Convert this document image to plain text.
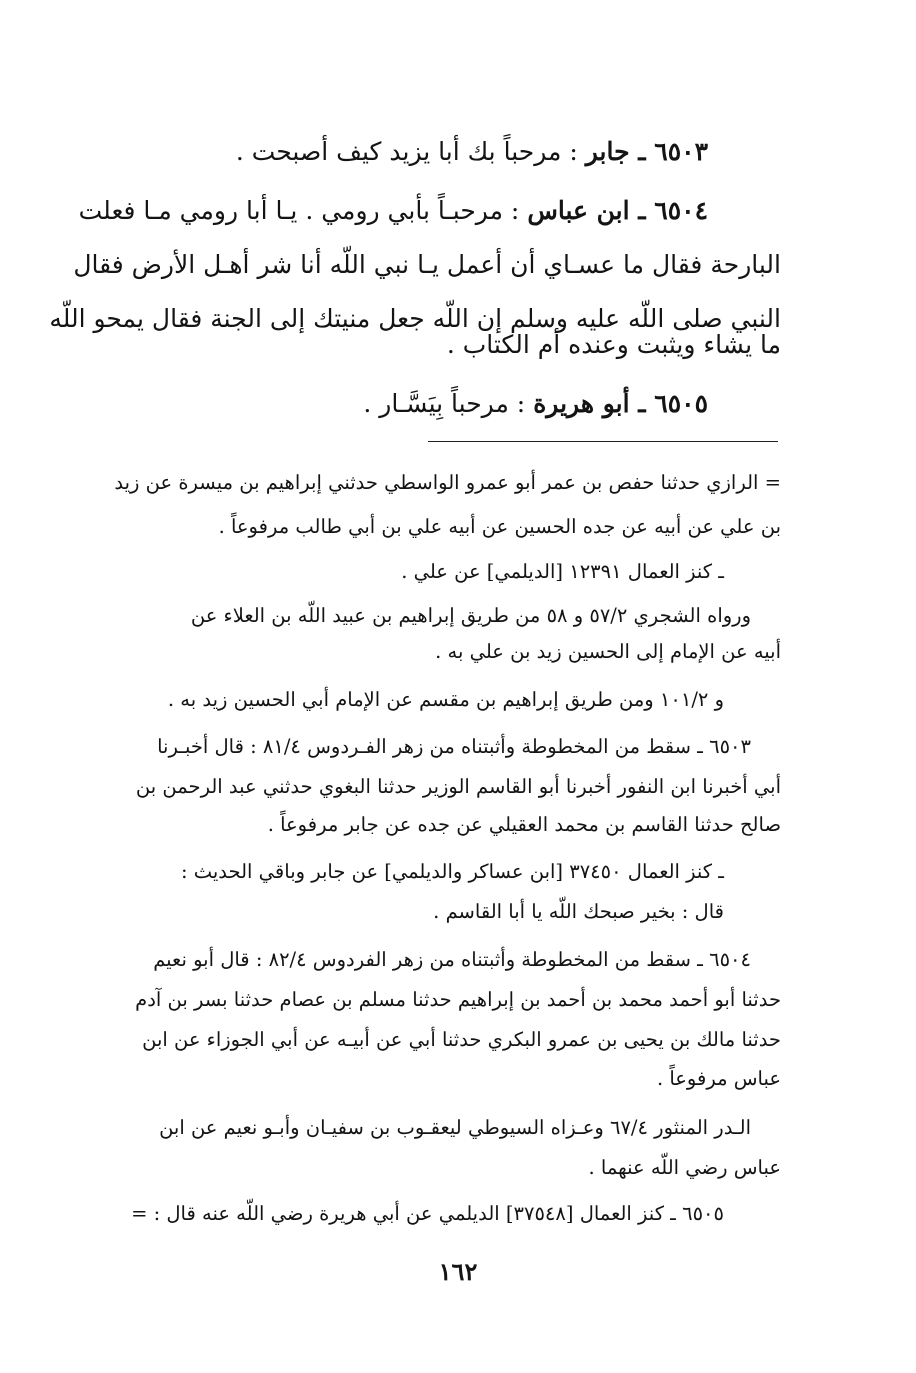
٦٥٠٣ ـ جابر : مرحباً بك أبا يزيد كيف أصبحت .
٦٥٠٤ ـ ابن عباس : مرحبـاً بأبي رومي . يـا أبا رومي مـا فعلت
البارحة فقال ما عسـاي أن أعمل يـا نبي اللّه أنا شر أهـل الأرض فقال
النبي صلى اللّه عليه وسلم إن اللّه جعل منيتك إلى الجنة فقال يمحو اللّه
ما يشاء ويثبت وعنده أم الكتاب .
٦٥٠٥ ـ أبو هريرة : مرحباً بِيَسَّـار .
= الرازي حدثنا حفص بن عمر أبو عمرو الواسطي حدثني إبراهيم بن ميسرة عن زيد
بن علي عن أبيه عن جده الحسين عن أبيه علي بن أبي طالب مرفوعاً .
ـ كنز العمال ١٢٣٩١ [الديلمي] عن علي .
ورواه الشجري ٥٧/٢ و ٥٨ من طريق إبراهيم بن عبيد اللّه بن العلاء عن
أبيه عن الإمام إلى الحسين زيد بن علي به .
و ١٠١/٢ ومن طريق إبراهيم بن مقسم عن الإمام أبي الحسين زيد به .
٦٥٠٣ ـ سقط من المخطوطة وأثبتناه من زهر الفـردوس ٨١/٤ : قال أخبـرنا
أبي أخبرنا ابن النفور أخبرنا أبو القاسم الوزير حدثنا البغوي حدثني عبد الرحمن بن
صالح حدثنا القاسم بن محمد العقيلي عن جده عن جابر مرفوعاً .
ـ كنز العمال ٣٧٤٥٠ [ابن عساكر والديلمي] عن جابر وباقي الحديث :
قال : بخير صبحك اللّه يا أبا القاسم .
٦٥٠٤ ـ سقط من المخطوطة وأثبتناه من زهر الفردوس ٨٢/٤ : قال أبو نعيم
حدثنا أبو أحمد محمد بن أحمد بن إبراهيم حدثنا مسلم بن عصام حدثنا بسر بن آدم
حدثنا مالك بن يحيى بن عمرو البكري حدثنا أبي عن أبيـه عن أبي الجوزاء عن ابن
عباس مرفوعاً .
الـدر المنثور ٦٧/٤ وعـزاه السيوطي ليعقـوب بن سفيـان وأبـو نعيم عن ابن
عباس رضي اللّه عنهما .
٦٥٠٥ ـ كنز العمال [٣٧٥٤٨] الديلمي عن أبي هريرة رضي اللّه عنه قال : =
١٦٢
